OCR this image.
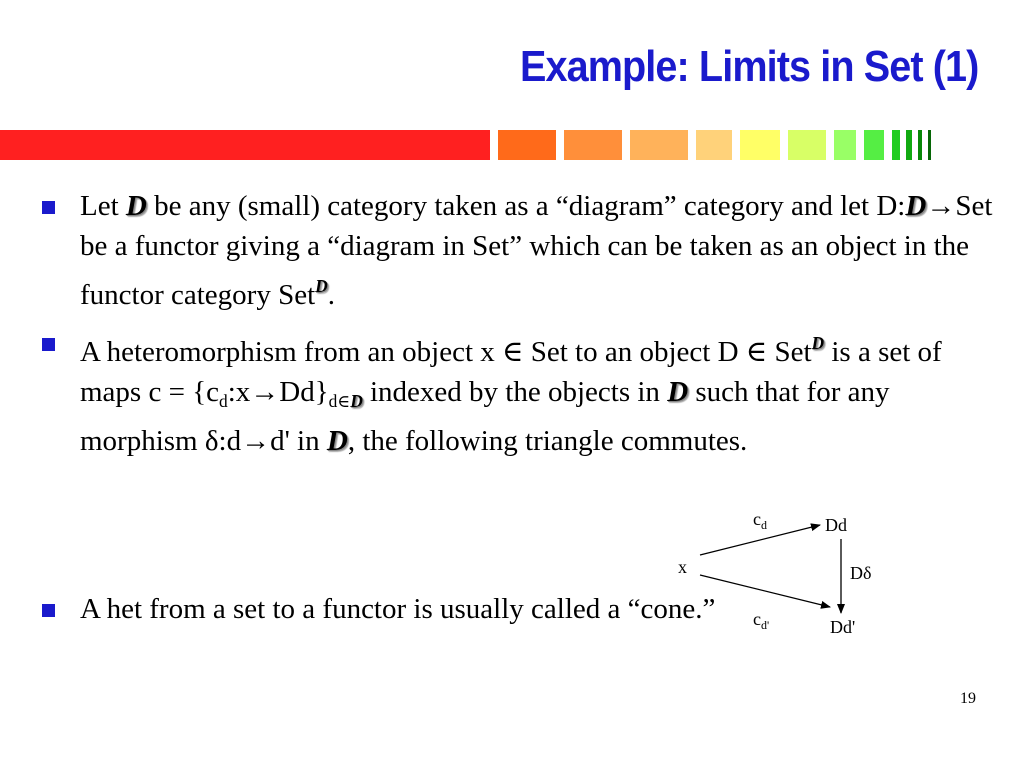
Example: Limits in Set (1)
Let D be any (small) category taken as a “diagram” category and let D:D→Set be a functor giving a “diagram in Set” which can be taken as an object in the functor category Set$^D$.
A heteromorphism from an object x ∈ Set to an object D ∈ Set$^D$ is a set of maps $c = \{c_d:x\to Dd\}_{d\in D}$ indexed by the objects in D such that for any morphism δ:d→d' in D, the following triangle commutes.
A het from a set to a functor is usually called a “cone.”
x
Dd
Dd'
$c_d$
$c_{d'}$
Dδ
19
